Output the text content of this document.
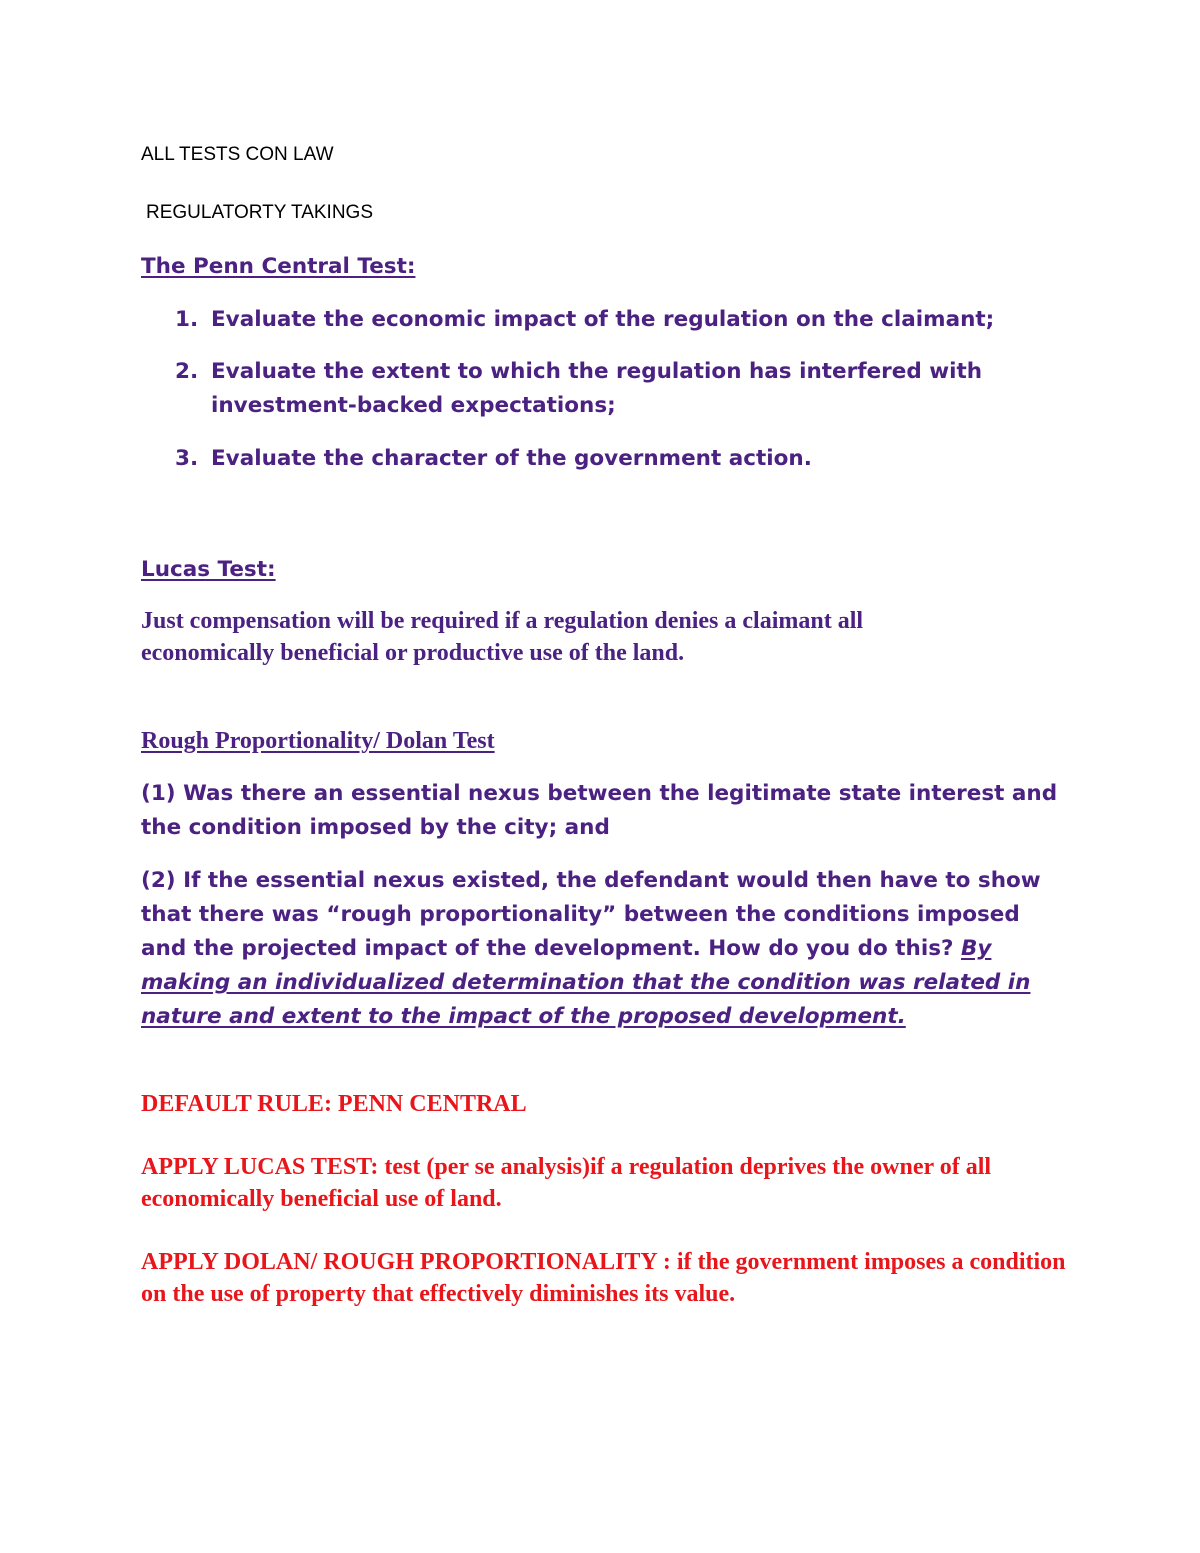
ALL TESTS CON LAW

REGULATORTY TAKINGS

The Penn Central Test:

1. Evaluate the economic impact of the regulation on the claimant;
2. Evaluate the extent to which the regulation has interfered with investment-backed expectations;
3. Evaluate the character of the government action.

Lucas Test:

Just compensation will be required if a regulation denies a claimant all economically beneficial or productive use of the land.

Rough Proportionality/ Dolan Test

(1) Was there an essential nexus between the legitimate state interest and the condition imposed by the city; and

(2) If the essential nexus existed, the defendant would then have to show that there was “rough proportionality” between the conditions imposed and the projected impact of the development. How do you do this? By making an individualized determination that the condition was related in nature and extent to the impact of the proposed development.

DEFAULT RULE: PENN CENTRAL

APPLY LUCAS TEST: test (per se analysis)if a regulation deprives the owner of all economically beneficial use of land.

APPLY DOLAN/ ROUGH PROPORTIONALITY : if the government imposes a condition on the use of property that effectively diminishes its value.
